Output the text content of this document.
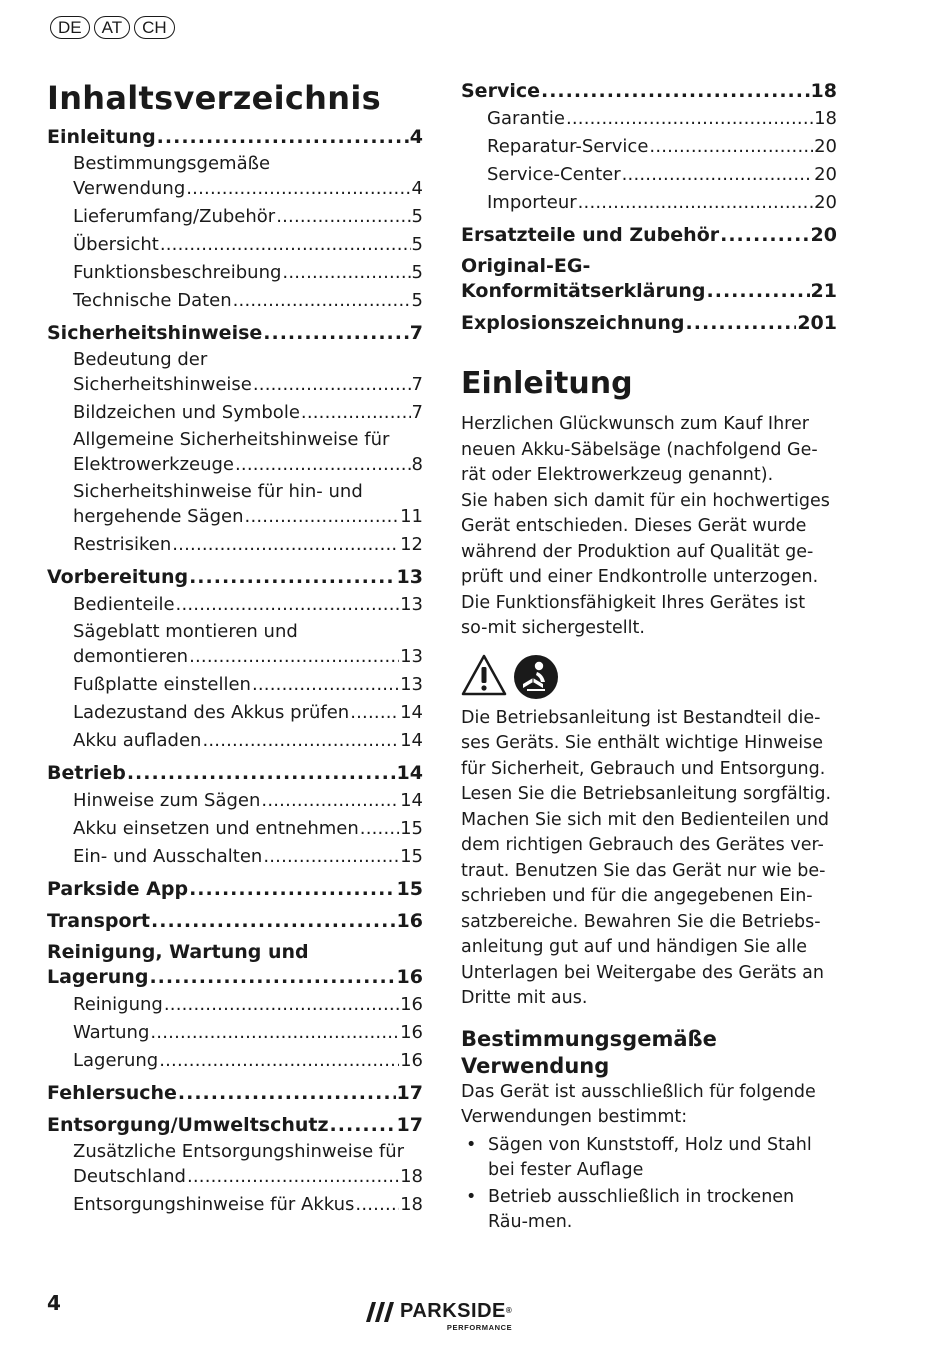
DE	AT	CH
Inhaltsverzeichnis
Einleitung .....	4
Bestimmungsgemäße
Verwendung .....	4
Lieferumfang/Zubehör .....	5
Übersicht .....	5
Funktionsbeschreibung .....	5
Technische Daten .....	5
Sicherheitshinweise .....	7
Bedeutung der
Sicherheitshinweise .....	7
Bildzeichen und Symbole .....	7
Allgemeine Sicherheitshinweise für
Elektrowerkzeuge .....	8
Sicherheitshinweise für hin- und
hergehende Sägen .....	11
Restrisiken .....	12
Vorbereitung .....	13
Bedienteile .....	13
Sägeblatt montieren und
demontieren .....	13
Fußplatte einstellen .....	13
Ladezustand des Akkus prüfen .....	14
Akku aufladen .....	14
Betrieb .....	14
Hinweise zum Sägen .....	14
Akku einsetzen und entnehmen ..... 15
Ein- und Ausschalten .....	15
Parkside App .....	15
Transport .....	16
Reinigung, Wartung und
Lagerung .....	16
Reinigung .....	16
Wartung .....	16
Lagerung .....	16
Fehlersuche .....	17
Entsorgung/Umweltschutz .....	17
Zusätzliche Entsorgungshinweise für
Deutschland .....	18
Entsorgungshinweise für Akkus .....	18
Service .....	18
Garantie .....	18
Reparatur-Service .....	20
Service-Center .....	20
Importeur .....	20
Ersatzteile und Zubehör .....	20
Original-EG-
Konformitätserklärung .....	21
Explosionszeichnung .....	201
Einleitung

Herzlichen Glückwunsch zum Kauf Ihrer neuen Akku-Säbelsäge (nachfolgend Ge-rät oder Elektrowerkzeug genannt).

Sie haben sich damit für ein hochwertiges Gerät entschieden. Dieses Gerät wurde während der Produktion auf Qualität ge-prüft und einer Endkontrolle unterzogen. Die Funktionsfähigkeit Ihres Gerätes ist so-mit sichergestellt.

Die Betriebsanleitung ist Bestandteil die-ses Geräts. Sie enthält wichtige Hinweise für Sicherheit, Gebrauch und Entsorgung. Lesen Sie die Betriebsanleitung sorgfältig. Machen Sie sich mit den Bedienteilen und dem richtigen Gebrauch des Gerätes ver-traut. Benutzen Sie das Gerät nur wie be-schrieben und für die angegebenen Ein-satzbereiche. Bewahren Sie die Betriebs-anleitung gut auf und händigen Sie alle Unterlagen bei Weitergabe des Geräts an Dritte mit aus.

Bestimmungsgemäße Verwendung

Das Gerät ist ausschließlich für folgende Verwendungen bestimmt:

• Sägen von Kunststoff, Holz und Stahl bei fester Auflage
• Betrieb ausschließlich in trockenen Räu-men.
4	PARKSIDE®
PERFORMANCE
